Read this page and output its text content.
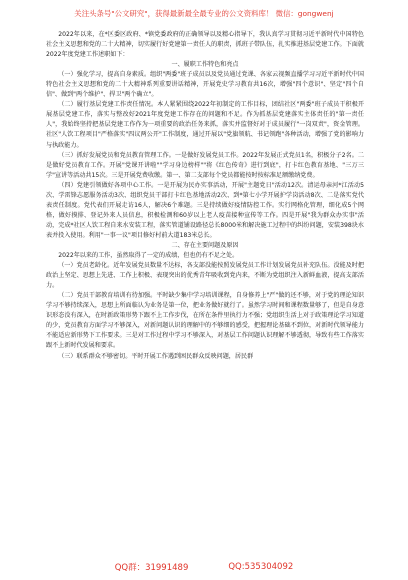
关注头条号"公文研究"，获得最新最全最专业的公文资料库！ 微信：gongwenj

2022年以来，在*区委区政府、*镇党委政府的正确领导以及精心指导下，我认真学习贯彻习近平新时代中国特色社会主义思想和党的二十大精神，切实履行好党建第一责任人的职责，抓班子带队伍，扎实推进基层党建工作。下面就2022年度党建工作述职如下：

一、履职工作特色和亮点

（一）强化学习，提高自身素质。组织"两委"班子成员以及党员通过党课、各家云视频直播学习习近平新时代中国特色社会主义思想和党的二十大精神系列重要讲话精神，开展党史学习教育共16次，增强"四个意识"、坚定"四个自信"、做到"两个维护"、捍卫"两个确立"。

（二）履行基层党建工作责任情况。本人紧紧围绕2022年初制定的工作目标，团结社区"两委"班子成员干积极开展基层党建工作，落实与整改好2021年度党建工作存在的问题和不足。作为抓基层党建落实主体责任的"第一责任人"，我始终坚持把基层党建工作作为一项重要的政治任务来抓，落实并监督好对于成员履行"一岗双责"，资金管理。社区"人饮工程项目"严格落实"四议两公开"工作制度，通过开展以"党旗领航、书记领跑"各种活动，增强了党的影响力与执政能力。

（三）抓好发展党员和党员教育管理工作。一是做好发展党员工作。2022年发展正式党员1名，积极分子2名。二是做好党员教育工作。开展"党课开讲啦""学习身边榜样""将《红色传奇》进行到底"，打卡红色教育基地、"三万三学"宣讲等活动共15次。三是开展党费收缴。第一、第二支部每个党员都能按时按标准足额缴纳党费。

（四）党建引领做好各项中心工作。一是开展为民办实事活动，开展"主题党日"活动12次。清运母亲河*江活动5次、学雷锋志愿服务活动3次、组织党员干部打卡红色基地活动2次、到*第七小学开展护学岗活动8次、二是落实党代表责任制度。党代表们开展走访16人，解决6个难题。三是持续做好疫情防控工作。实行网格化管理，细化成5个网格，做好摸排、登记外来人员信息，积极检测和60岁以上老人疫苗接种宣传等工作。四是开展"我为群众办实事"活动，完成*社区人饮工程自来水安装工程，落实管道铺设路径总长8000米和解决施工过程中的纠纷问题，安装398块水表并投入使用。利用"一事一议"项目修好村前大道183米总长。

二、存在主要问题及原因

2022年以来的工作，虽然取得了一定的成绩，但也仍有不足之处。

（一）党员老龄化。近年发展党员数量不达标，各支部没能按照发展党员工作计划发展党员补充队伍。没能及时把政治上坚定、思想上先进、工作上积极、表现突出的优秀青年吸收到党内来，不断为党组织注入新鲜血液，提高支部活力。

（二）党员干部教育培训有待加强。平时缺少集中学习培训课程，自身修养上"严"做的还不够，对于党的理论知识学习不够持续深入，思想上所面临认为业务是第一位，把业务做好就行了。虽然学习时间和课程数量够了，但是自身意识形态没有深入，在时新政策形势下跟不上工作步伐，在所在条件里执行力不强；党组织生活上对于政策理论学习知道的少，党员教育方面学习不够深入，对新问题认识的理解中的不够细的感受，把握理论基础不到位，对新时代领导能力不能适应新形势下工作要求。三是对工作过程中学习不够深入，对基层工作问题认识理解不够透彻，导致有些工作落实跟不上新时代发展和要求。

（三）联系群众不够密切。平时开展工作遇到困民群众反映问题，居民群

QQ群：31991489	QQ:535304092
